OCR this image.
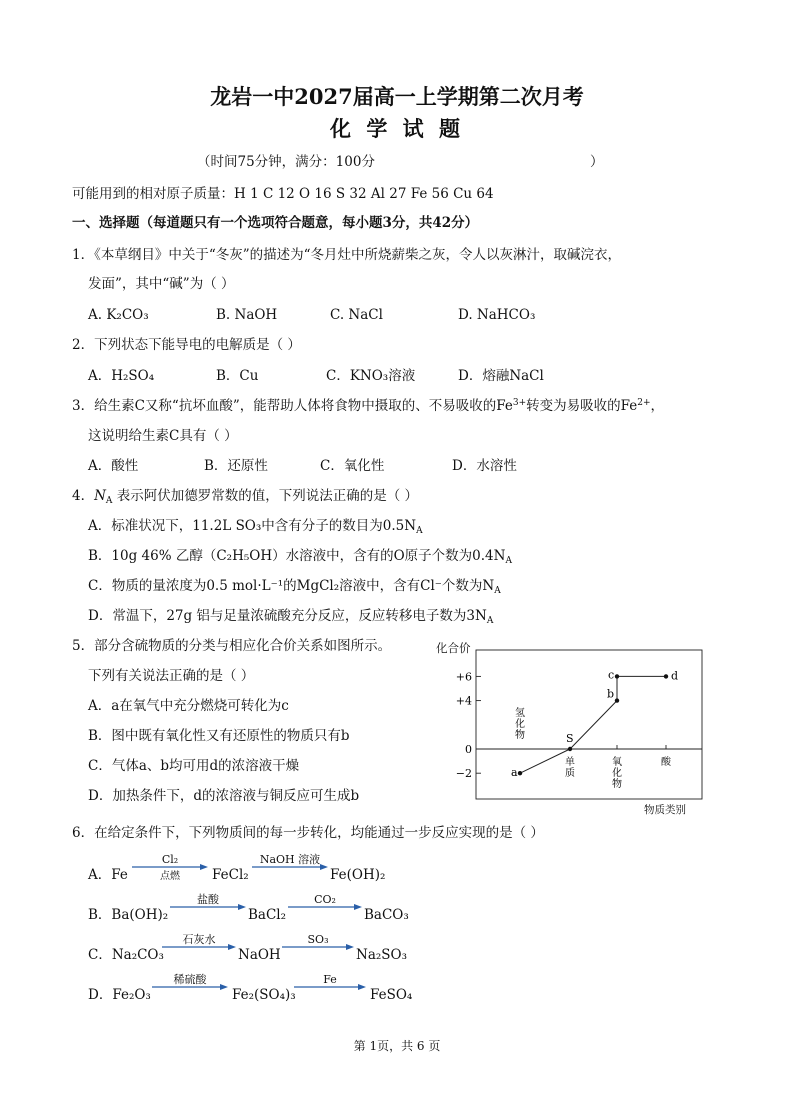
龙岩一中2027届高一上学期第二次月考
化 学 试 题
（时间75分钟，满分：100分	）
可能用到的相对原子质量：H 1 C 12 O 16 S 32 Al 27 Fe 56 Cu 64
一、选择题（每道题只有一个选项符合题意，每小题3分，共42分）
1．《本草纲目》中关于“冬灰”的描述为“冬月灶中所烧薪柴之灰，令人以灰淋汁，取碱浣衣，
发面”，其中“碱”为（ ）
A. K₂CO₃	B. NaOH	C. NaCl	D. NaHCO₃
2．下列状态下能导电的电解质是（ ）
A．H₂SO₄	B．Cu	C．KNO₃溶液	D．熔融NaCl
3．给生素C又称“抗坏血酸”，能帮助人体将食物中摄取的、不易吸收的$Fe^{3+}$转变为易吸收的$Fe^{2+}$，
这说明给生素C具有（ ）
A．酸性	B．还原性	C．氧化性	D．水溶性
4．$N_A$ 表示阿伏加德罗常数的值，下列说法正确的是（ ）
A．标准状况下，11.2L SO₃中含有分子的数目为$0.5N_A$
B．10g 46% 乙醇（C₂H₅OH）水溶液中，含有的O原子个数为$0.4N_A$
C．物质的量浓度为0.5 mol·L⁻¹的MgCl₂溶液中，含有Cl⁻个数为$N_A$
D．常温下，27g 铝与足量浓硫酸充分反应，反应转移电子数为$3N_A$
5．部分含硫物质的分类与相应化合价关系如图所示。
下列有关说法正确的是（ ）
A．a在氧气中充分燃烧可转化为c
B．图中既有氧化性又有还原性的物质只有b
C．气体a、b均可用d的浓溶液干燥
D．加热条件下，d的浓溶液与铜反应可生成b
+6
+4
0
−2
氢
化
物
单
质
氧
化
物
酸
a
S
b
c	d
化合价
物质类别
6．在给定条件下，下列物质间的每一步转化，均能通过一步反应实现的是（ ）
A．Fe
Cl₂
点燃	FeCl₂
NaOH 溶液
Fe(OH)₂
B．Ba(OH)₂
盐酸
BaCl₂
CO₂
BaCO₃
C．Na₂CO₃
石灰水
NaOH
SO₃
Na₂SO₃
D．Fe₂O₃
稀硫酸
Fe₂(SO₄)₃
Fe
FeSO₄
第 1页，共 6 页
